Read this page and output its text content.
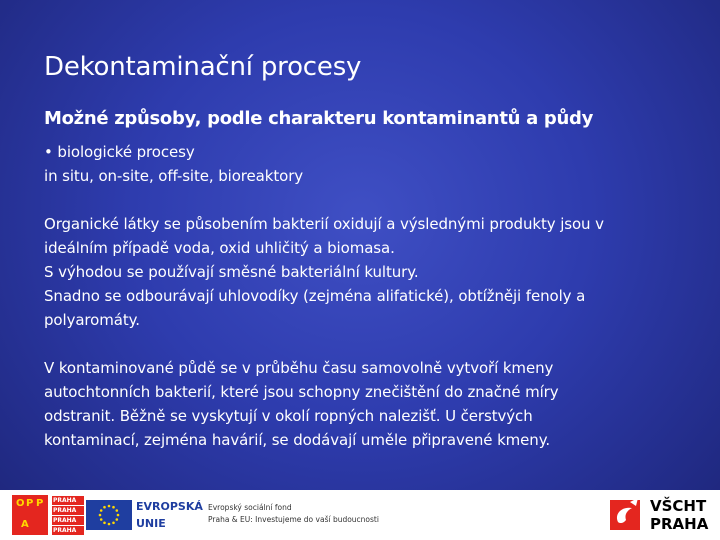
Dekontaminační procesy
Možné způsoby, podle charakteru kontaminantů a půdy

• biologické procesy

in situ, on-site, off-site, bioreaktory

Organické látky se působením bakterií oxidují a výslednými produkty jsou v

ideálním případě voda, oxid uhličitý a biomasa.

S výhodou se používají směsné bakteriální kultury.

Snadno se odbourávají uhlovodíky (zejména alifatické), obtížněji fenoly a

polyaromáty.

V kontaminované půdě se v průběhu času samovolně vytvoří kmeny

autochtonních bakterií, které jsou schopny znečištění do značné míry

odstranit. Běžně se vyskytují v okolí ropných nalezišť. U čerstvých

kontaminací, zejména havárií, se dodávají uměle připravené kmeny.

O P P
A
PRAHA
PRAHA
PRAHA
PRAHA
EVROPSKÁ
UNIE
Evropský sociální fond
Praha & EU: Investujeme do vaší budoucnosti
VŠCHT
PRAHA
